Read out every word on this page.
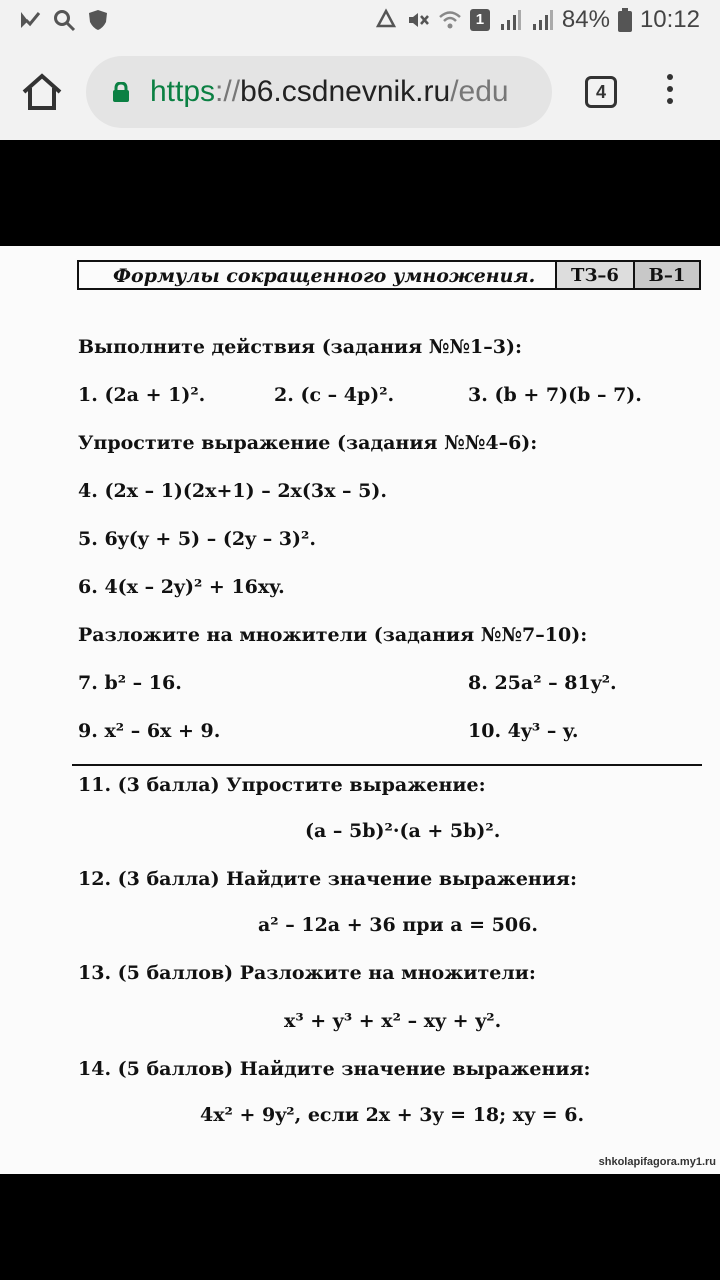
1	84% 10:12
https://b6.csdnevnik.ru/edu	4
Формулы сокращенного умножения.	ТЗ–6	В–1
Выполните действия (задания №№1–3):
1. (2a + 1)².	2. (c – 4p)².	3. (b + 7)(b – 7).
Упростите выражение (задания №№4–6):
4. (2x – 1)(2x+1) – 2x(3x – 5).
5. 6y(y + 5) – (2y – 3)².
6. 4(x – 2y)² + 16xy.
Разложите на множители (задания №№7–10):
7. b² – 16.	8. 25a² – 81y².
9. x² – 6x + 9.	10. 4y³ – y.
11. (3 балла) Упростите выражение:
(a – 5b)²·(a + 5b)².
12. (3 балла) Найдите значение выражения:
a² – 12a + 36 при a = 506.
13. (5 баллов) Разложите на множители:
x³ + y³ + x² – xy + y².
14. (5 баллов) Найдите значение выражения:
4x² + 9y², если 2x + 3y = 18; xy = 6.
shkolapifagora.my1.ru
